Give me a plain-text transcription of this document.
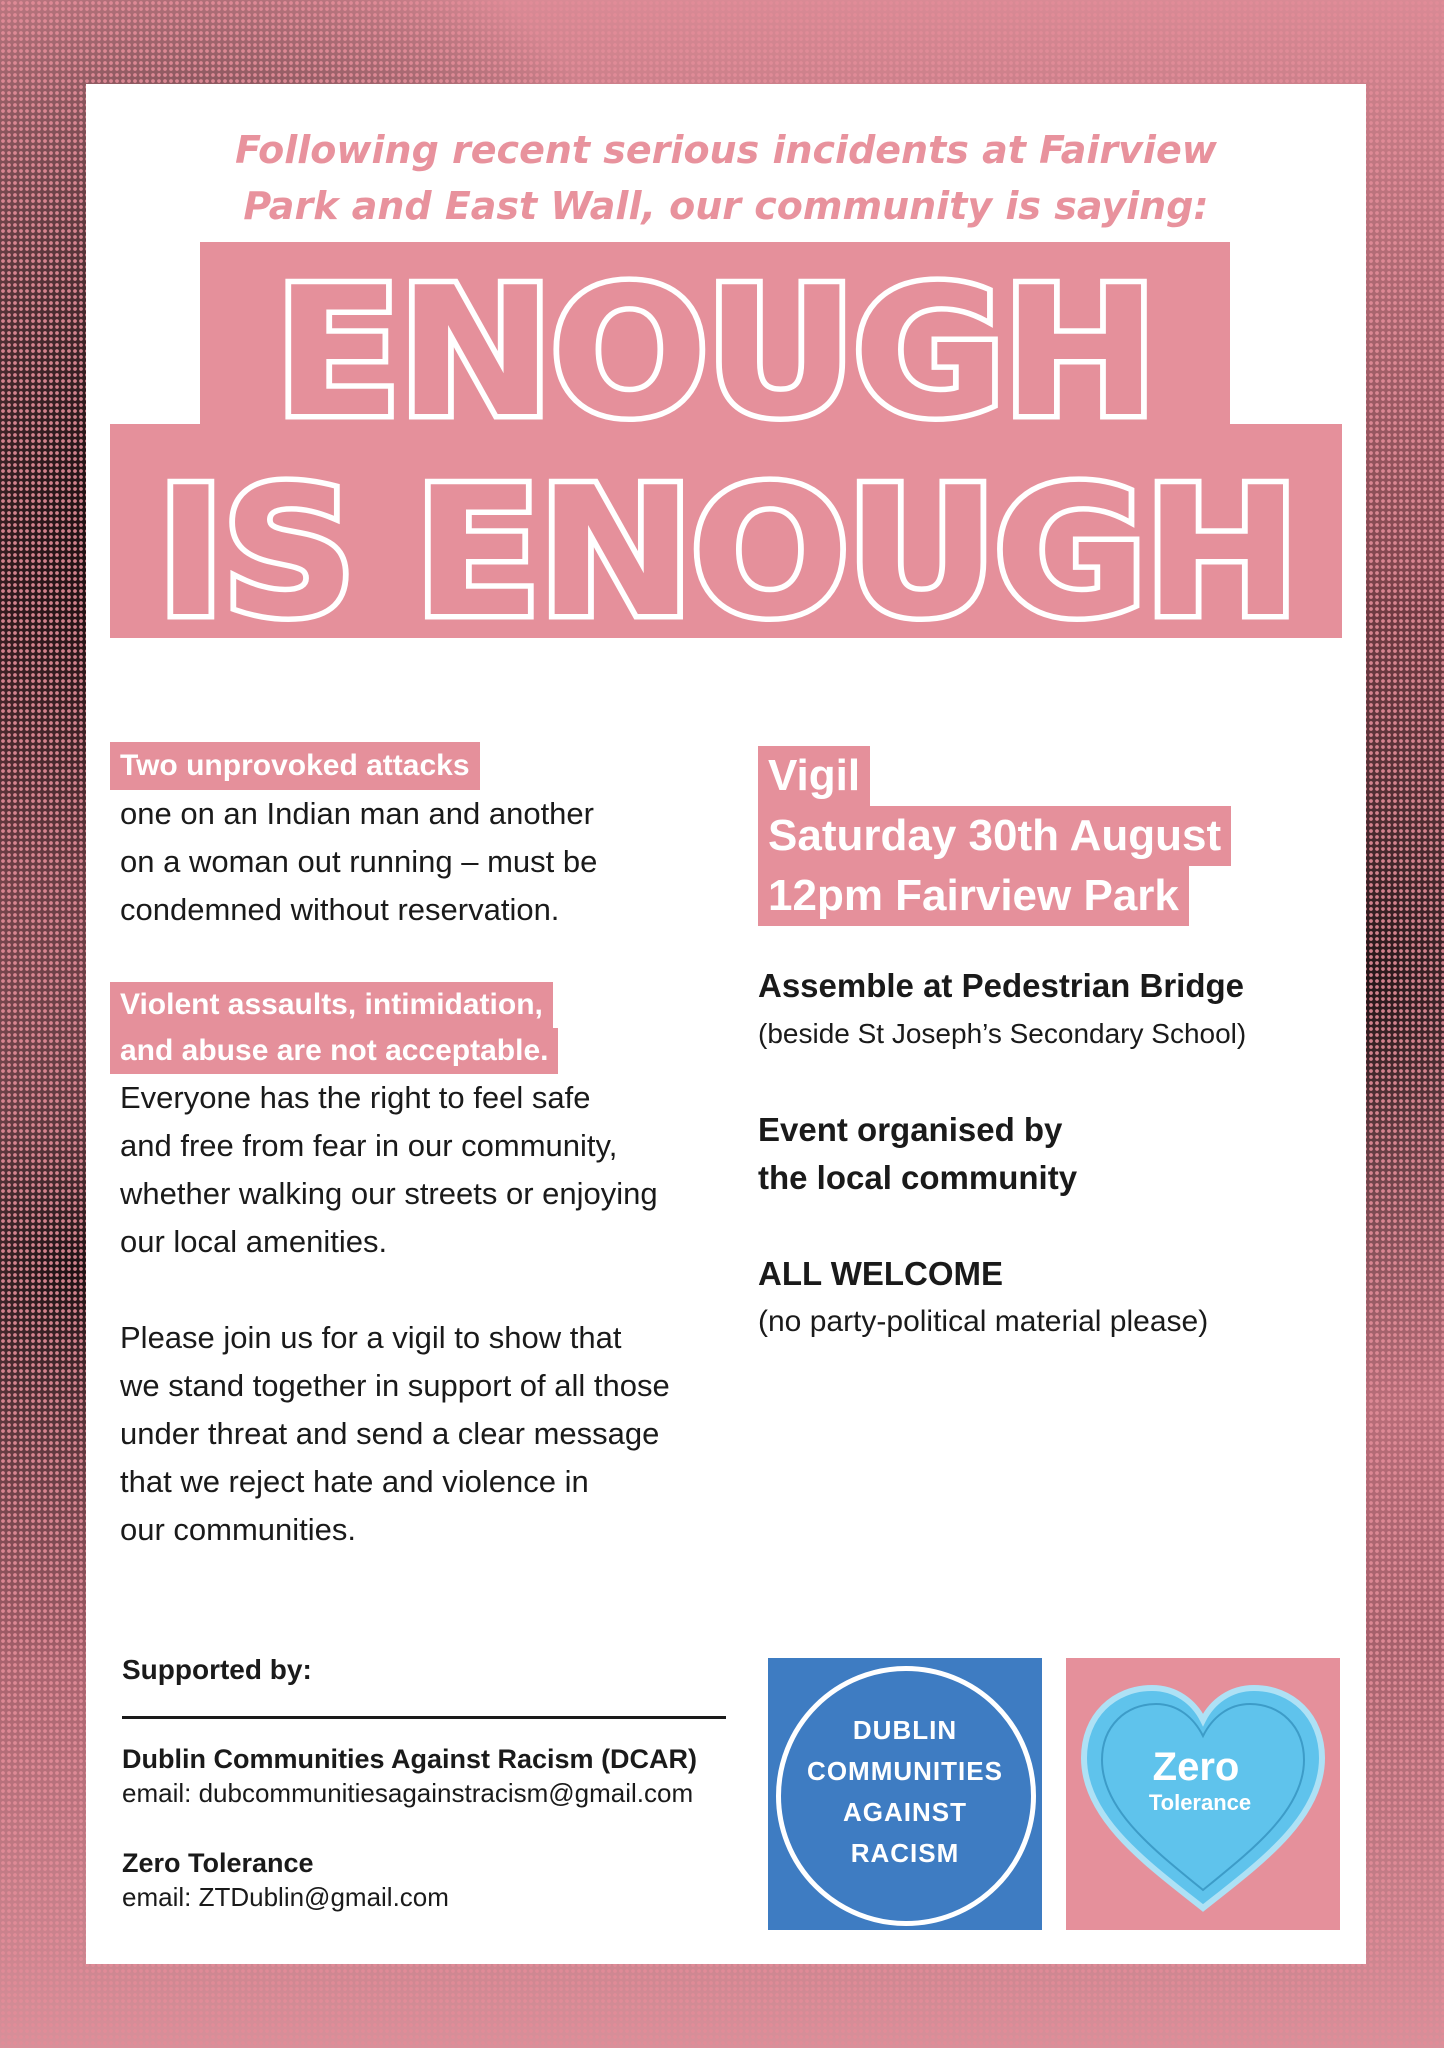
Following recent serious incidents at Fairview
Park and East Wall, our community is saying:
ENOUGH
IS ENOUGH
Two unprovoked attacks
one on an Indian man and another
on a woman out running – must be
condemned without reservation.
Violent assaults, intimidation,
and abuse are not acceptable.
Everyone has the right to feel safe
and free from fear in our community,
whether walking our streets or enjoying
our local amenities.
Please join us for a vigil to show that
we stand together in support of all those
under threat and send a clear message
that we reject hate and violence in
our communities.
Vigil
Saturday 30th August
12pm Fairview Park
Assemble at Pedestrian Bridge
(beside St Joseph’s Secondary School)
Event organised by
the local community
ALL WELCOME
(no party-political material please)
Supported by:
Dublin Communities Against Racism (DCAR)
email: dubcommunitiesagainstracism@gmail.com
Zero Tolerance
email: ZTDublin@gmail.com
DUBLIN
COMMUNITIES
AGAINST
RACISM
Zero
Tolerance
